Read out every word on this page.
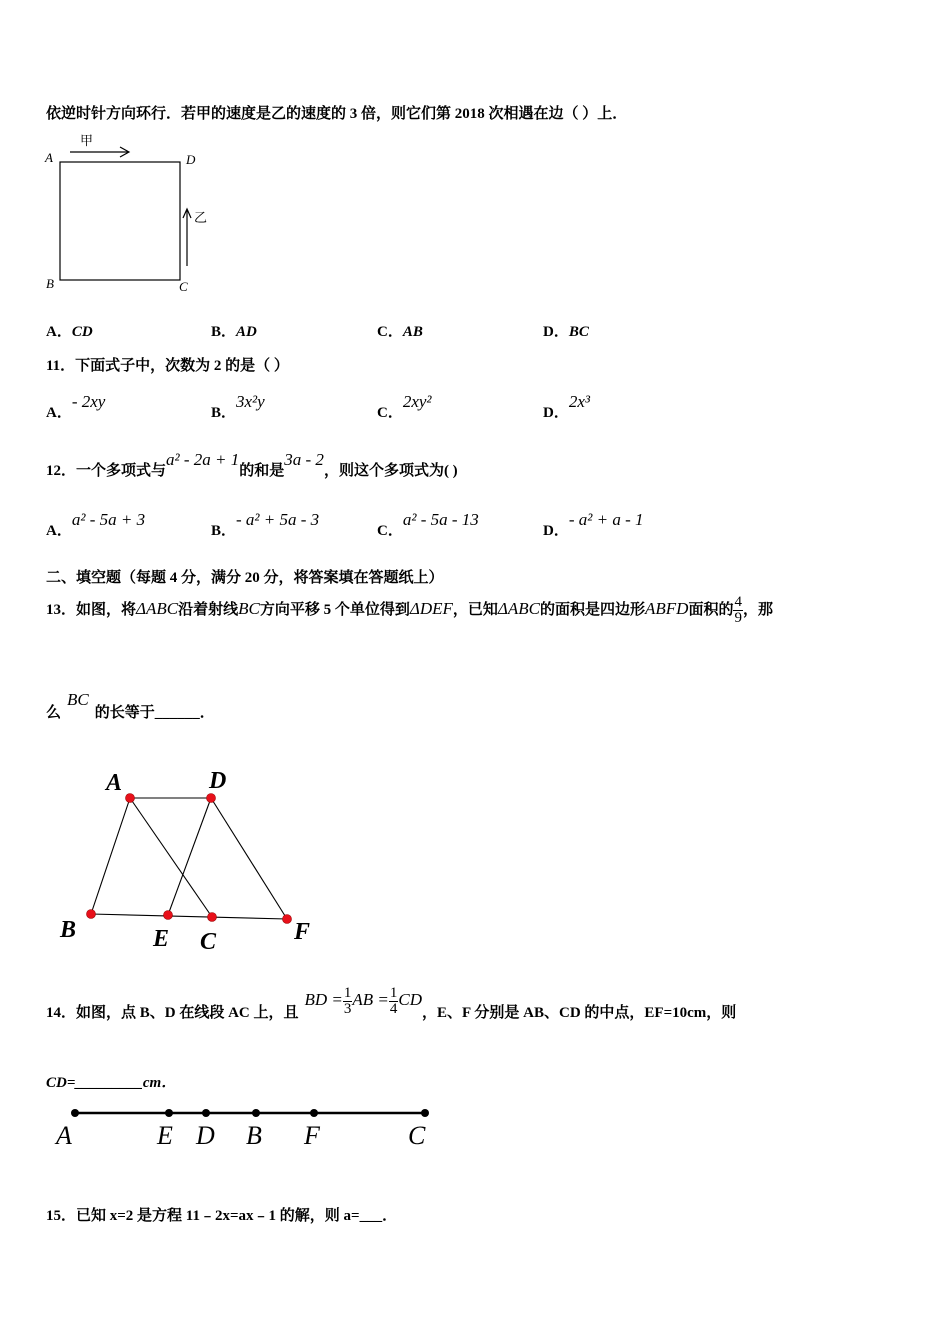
依逆时针方向环行．若甲的速度是乙的速度的 3 倍，则它们第 2018 次相遇在边（ ）上．
A	D
B	C
甲
乙
A	D
B	E C	F
A	E D B F	C
A．CD	B．AD	C．AB	D．BC
11．下面式子中，次数为 2 的是（ ）
A．- 2xy
B．3x²y
C．2xy²
D．2x³
12．一个多项式与a² - 2a + 1的和是3a - 2，则这个多项式为( )
A．a² - 5a + 3
B．- a² + 5a - 3
C．a² - 5a - 13
D．- a² + a - 1
二、填空题（每题 4 分，满分 20 分，将答案填在答题纸上）
13．如图，将ΔABC沿着射线BC方向平移 5 个单位得到ΔDEF，已知ΔABC的面积是四边形ABFD面积的 $\frac{4}{9}$ ，那
么BC的长等于______．
14．如图，点 B、D 在线段 AC 上，且BD = $\frac{1}{3}$ AB = $\frac{1}{4}$ CD，E、F 分别是 AB、CD 的中点，EF=10cm，则
CD=_________cm．
15．已知 x=2 是方程 11﹣2x=ax﹣1 的解，则 a=___．
